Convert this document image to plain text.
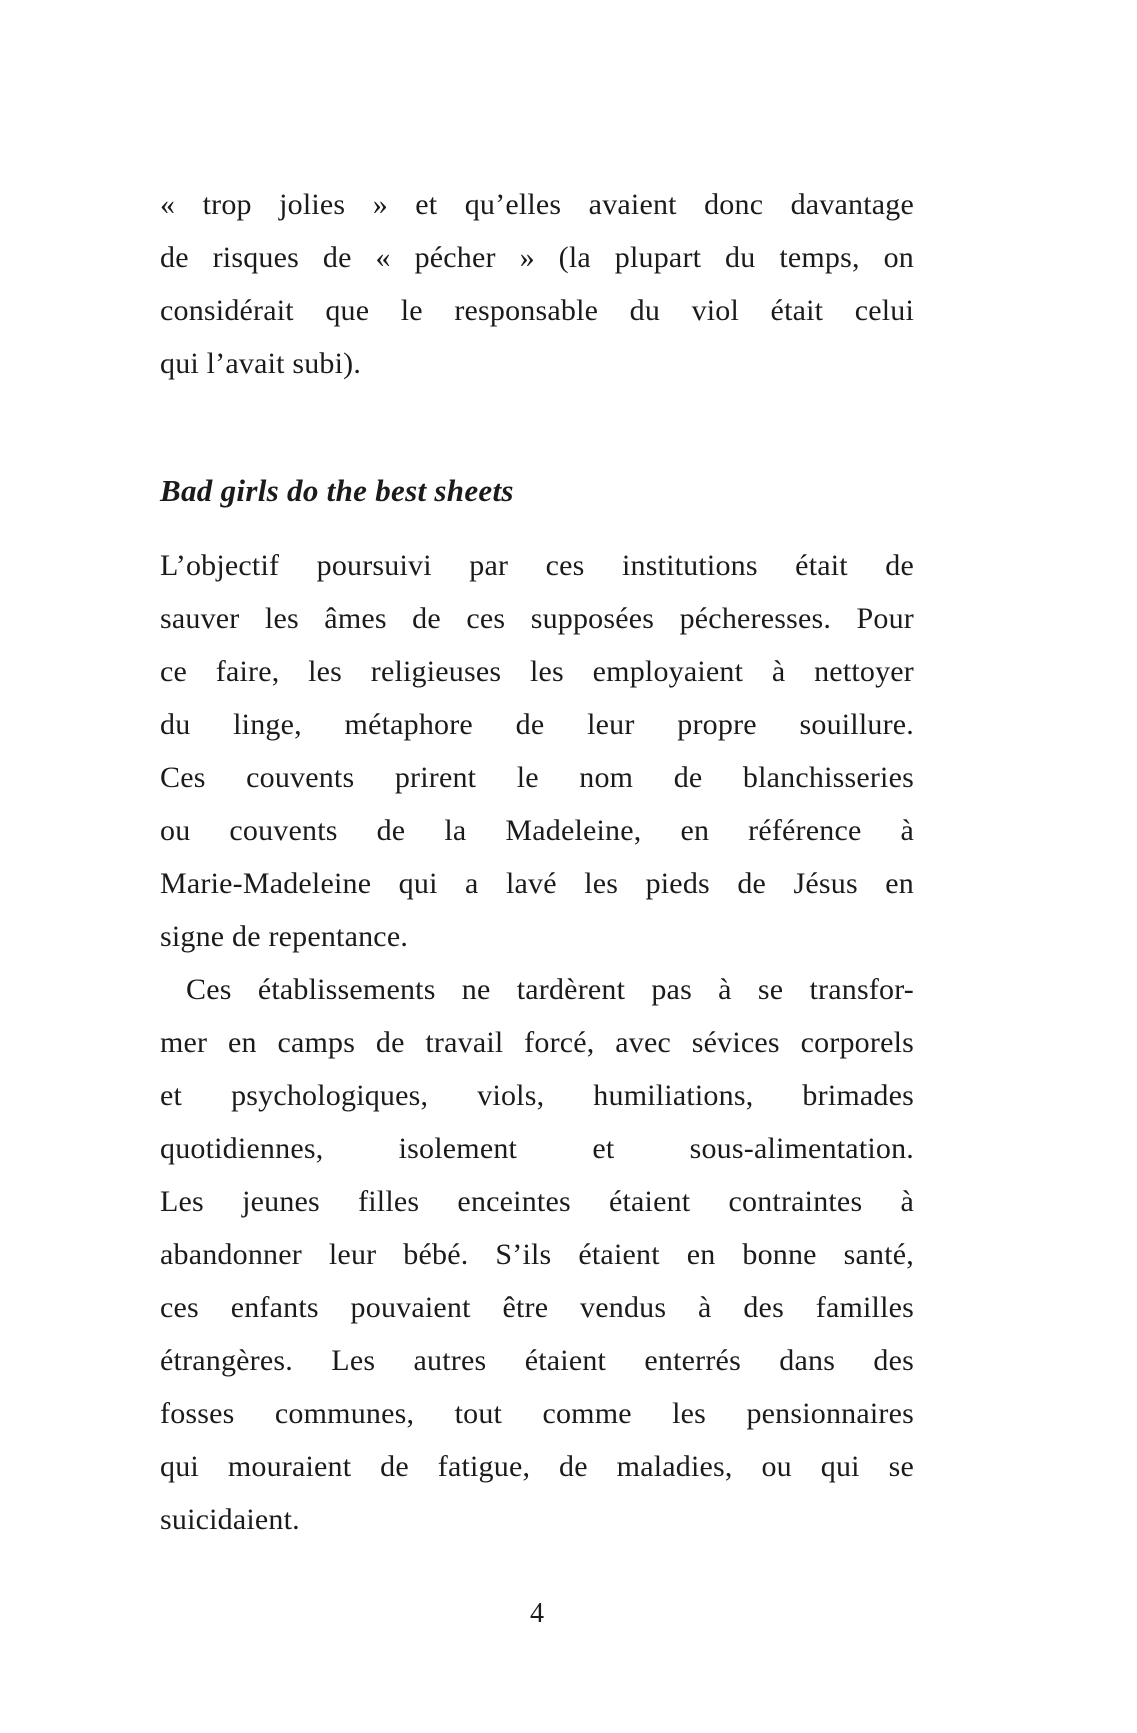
« trop jolies » et qu’elles avaient donc davantage
de risques de « pécher » (la plupart du temps, on
considérait que le responsable du viol était celui
qui l’avait subi).

Bad girls do the best sheets

L’objectif poursuivi par ces institutions était de
sauver les âmes de ces supposées pécheresses. Pour
ce faire, les religieuses les employaient à nettoyer
du linge, métaphore de leur propre souillure.
Ces couvents prirent le nom de blanchisseries
ou couvents de la Madeleine, en référence à
Marie-Madeleine qui a lavé les pieds de Jésus en
signe de repentance.

Ces établissements ne tardèrent pas à se transfor-
mer en camps de travail forcé, avec sévices corporels
et psychologiques, viols, humiliations, brimades
quotidiennes, isolement et sous-alimentation.
Les jeunes filles enceintes étaient contraintes à
abandonner leur bébé. S’ils étaient en bonne santé,
ces enfants pouvaient être vendus à des familles
étrangères. Les autres étaient enterrés dans des
fosses communes, tout comme les pensionnaires
qui mouraient de fatigue, de maladies, ou qui se
suicidaient.

4
